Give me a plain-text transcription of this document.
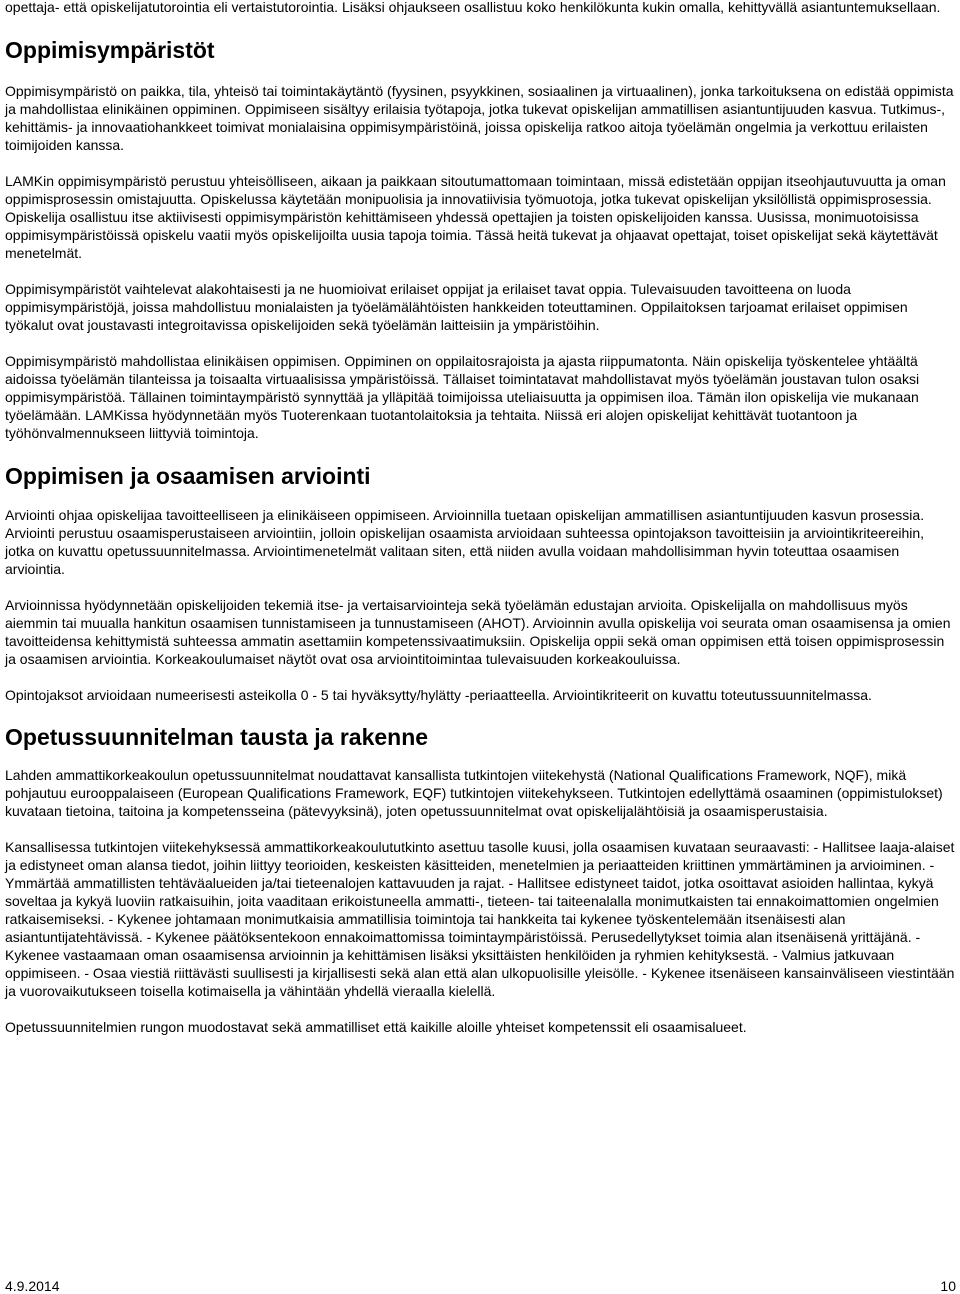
opettaja- että opiskelijatutorointia eli vertaistutorointia. Lisäksi ohjaukseen osallistuu koko henkilökunta kukin omalla, kehittyvällä asiantuntemuksellaan.

Oppimisympäristöt

Oppimisympäristö on paikka, tila, yhteisö tai toimintakäytäntö (fyysinen, psyykkinen, sosiaalinen ja virtuaalinen), jonka tarkoituksena on edistää oppimista ja mahdollistaa elinikäinen oppiminen. Oppimiseen sisältyy erilaisia työtapoja, jotka tukevat opiskelijan ammatillisen asiantuntijuuden kasvua. Tutkimus-, kehittämis- ja innovaatiohankkeet toimivat monialaisina oppimisympäristöinä, joissa opiskelija ratkoo aitoja työelämän ongelmia ja verkottuu erilaisten toimijoiden kanssa.

LAMKin oppimisympäristö perustuu yhteisölliseen, aikaan ja paikkaan sitoutumattomaan toimintaan, missä edistetään oppijan itseohjautuvuutta ja oman oppimisprosessin omistajuutta. Opiskelussa käytetään monipuolisia ja innovatiivisia työmuotoja, jotka tukevat opiskelijan yksilöllistä oppimisprosessia. Opiskelija osallistuu itse aktiivisesti oppimisympäristön kehittämiseen yhdessä opettajien ja toisten opiskelijoiden kanssa. Uusissa, monimuotoisissa oppimisympäristöissä opiskelu vaatii myös opiskelijoilta uusia tapoja toimia. Tässä heitä tukevat ja ohjaavat opettajat, toiset opiskelijat sekä käytettävät menetelmät.

Oppimisympäristöt vaihtelevat alakohtaisesti ja ne huomioivat erilaiset oppijat ja erilaiset tavat oppia. Tulevaisuuden tavoitteena on luoda oppimisympäristöjä, joissa mahdollistuu monialaisten ja työelämälähtöisten hankkeiden toteuttaminen. Oppilaitoksen tarjoamat erilaiset oppimisen työkalut ovat joustavasti integroitavissa opiskelijoiden sekä työelämän laitteisiin ja ympäristöihin.

Oppimisympäristö mahdollistaa elinikäisen oppimisen. Oppiminen on oppilaitosrajoista ja ajasta riippumatonta. Näin opiskelija työskentelee yhtäältä aidoissa työelämän tilanteissa ja toisaalta virtuaalisissa ympäristöissä. Tällaiset toimintatavat mahdollistavat myös työelämän joustavan tulon osaksi oppimisympäristöä. Tällainen toimintaympäristö synnyttää ja ylläpitää toimijoissa uteliaisuutta ja oppimisen iloa. Tämän ilon opiskelija vie mukanaan työelämään. LAMKissa hyödynnetään myös Tuoterenkaan tuotantolaitoksia ja tehtaita. Niissä eri alojen opiskelijat kehittävät tuotantoon ja työhönvalmennukseen liittyviä toimintoja.

Oppimisen ja osaamisen arviointi

Arviointi ohjaa opiskelijaa tavoitteelliseen ja elinikäiseen oppimiseen. Arvioinnilla tuetaan opiskelijan ammatillisen asiantuntijuuden kasvun prosessia. Arviointi perustuu osaamisperustaiseen arviointiin, jolloin opiskelijan osaamista arvioidaan suhteessa opintojakson tavoitteisiin ja arviointikriteereihin, jotka on kuvattu opetussuunnitelmassa. Arviointimenetelmät valitaan siten, että niiden avulla voidaan mahdollisimman hyvin toteuttaa osaamisen arviointia.

Arvioinnissa hyödynnetään opiskelijoiden tekemiä itse- ja vertaisarviointeja sekä työelämän edustajan arvioita. Opiskelijalla on mahdollisuus myös aiemmin tai muualla hankitun osaamisen tunnistamiseen ja tunnustamiseen (AHOT). Arvioinnin avulla opiskelija voi seurata oman osaamisensa ja omien tavoitteidensa kehittymistä suhteessa ammatin asettamiin kompetenssivaatimuksiin. Opiskelija oppii sekä oman oppimisen että toisen oppimisprosessin ja osaamisen arviointia. Korkeakoulumaiset näytöt ovat osa arviointitoimintaa tulevaisuuden korkeakouluissa.

Opintojaksot arvioidaan numeerisesti asteikolla 0 - 5 tai hyväksytty/hylätty -periaatteella. Arviointikriteerit on kuvattu toteutussuunnitelmassa.

Opetussuunnitelman tausta ja rakenne

Lahden ammattikorkeakoulun opetussuunnitelmat noudattavat kansallista tutkintojen viitekehystä (National Qualifications Framework, NQF), mikä pohjautuu eurooppalaiseen (European Qualifications Framework, EQF) tutkintojen viitekehykseen. Tutkintojen edellyttämä osaaminen (oppimistulokset) kuvataan tietoina, taitoina ja kompetensseina (pätevyyksinä), joten opetussuunnitelmat ovat opiskelijalähtöisiä ja osaamisperustaisia.

Kansallisessa tutkintojen viitekehyksessä ammattikorkeakoulututkinto asettuu tasolle kuusi, jolla osaamisen kuvataan seuraavasti: - Hallitsee laaja-alaiset ja edistyneet oman alansa tiedot, joihin liittyy teorioiden, keskeisten käsitteiden, menetelmien ja periaatteiden kriittinen ymmärtäminen ja arvioiminen. - Ymmärtää ammatillisten tehtäväalueiden ja/tai tieteenalojen kattavuuden ja rajat. - Hallitsee edistyneet taidot, jotka osoittavat asioiden hallintaa, kykyä soveltaa ja kykyä luoviin ratkaisuihin, joita vaaditaan erikoistuneella ammatti-, tieteen- tai taiteenalalla monimutkaisten tai ennakoimattomien ongelmien ratkaisemiseksi. - Kykenee johtamaan monimutkaisia ammatillisia toimintoja tai hankkeita tai kykenee työskentelemään itsenäisesti alan asiantuntijatehtävissä. - Kykenee päätöksentekoon ennakoimattomissa toimintaympäristöissä. Perusedellytykset toimia alan itsenäisenä yrittäjänä. - Kykenee vastaamaan oman osaamisensa arvioinnin ja kehittämisen lisäksi yksittäisten henkilöiden ja ryhmien kehityksestä. - Valmius jatkuvaan oppimiseen. - Osaa viestiä riittävästi suullisesti ja kirjallisesti sekä alan että alan ulkopuolisille yleisölle. - Kykenee itsenäiseen kansainväliseen viestintään ja vuorovaikutukseen toisella kotimaisella ja vähintään yhdellä vieraalla kielellä.

Opetussuunnitelmien rungon muodostavat sekä ammatilliset että kaikille aloille yhteiset kompetenssit eli osaamisalueet.

4.9.2014	10
